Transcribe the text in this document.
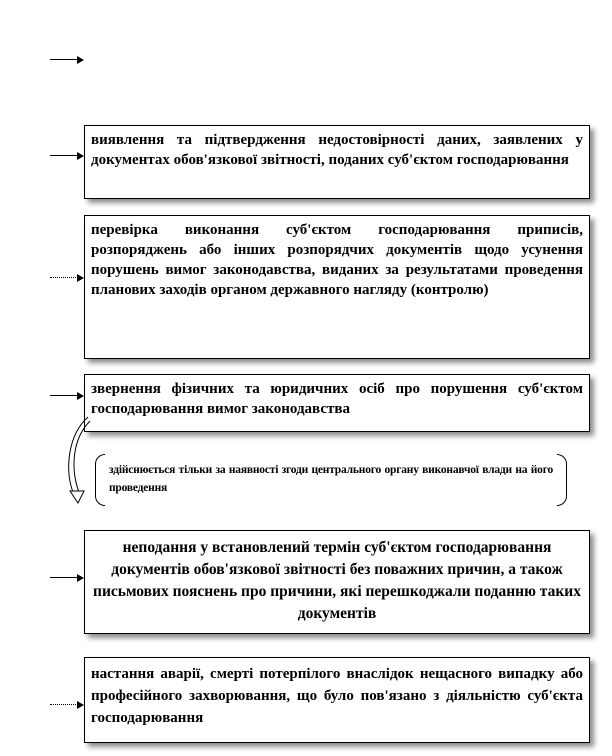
виявлення та підтвердження недостовірності даних, заявлених у документах обов'язкової звітності, поданих суб'єктом господарювання
перевірка виконання суб'єктом господарювання приписів, розпоряджень або інших розпорядчих документів щодо усунення порушень вимог законодавства, виданих за результатами проведення планових заходів органом державного нагляду (контролю)
звернення фізичних та юридичних осіб про порушення суб'єктом господарювання вимог законодавства
здійснюється тільки за наявності згоди центрального органу виконавчої влади на його проведення
неподання у встановлений термін суб'єктом господарювання документів обов'язкової звітності без поважних причин, а також письмових пояснень про причини, які перешкоджали поданню таких документів
настання аварії, смерті потерпілого внаслідок нещасного випадку або професійного захворювання, що було пов'язано з діяльністю суб'єкта господарювання
